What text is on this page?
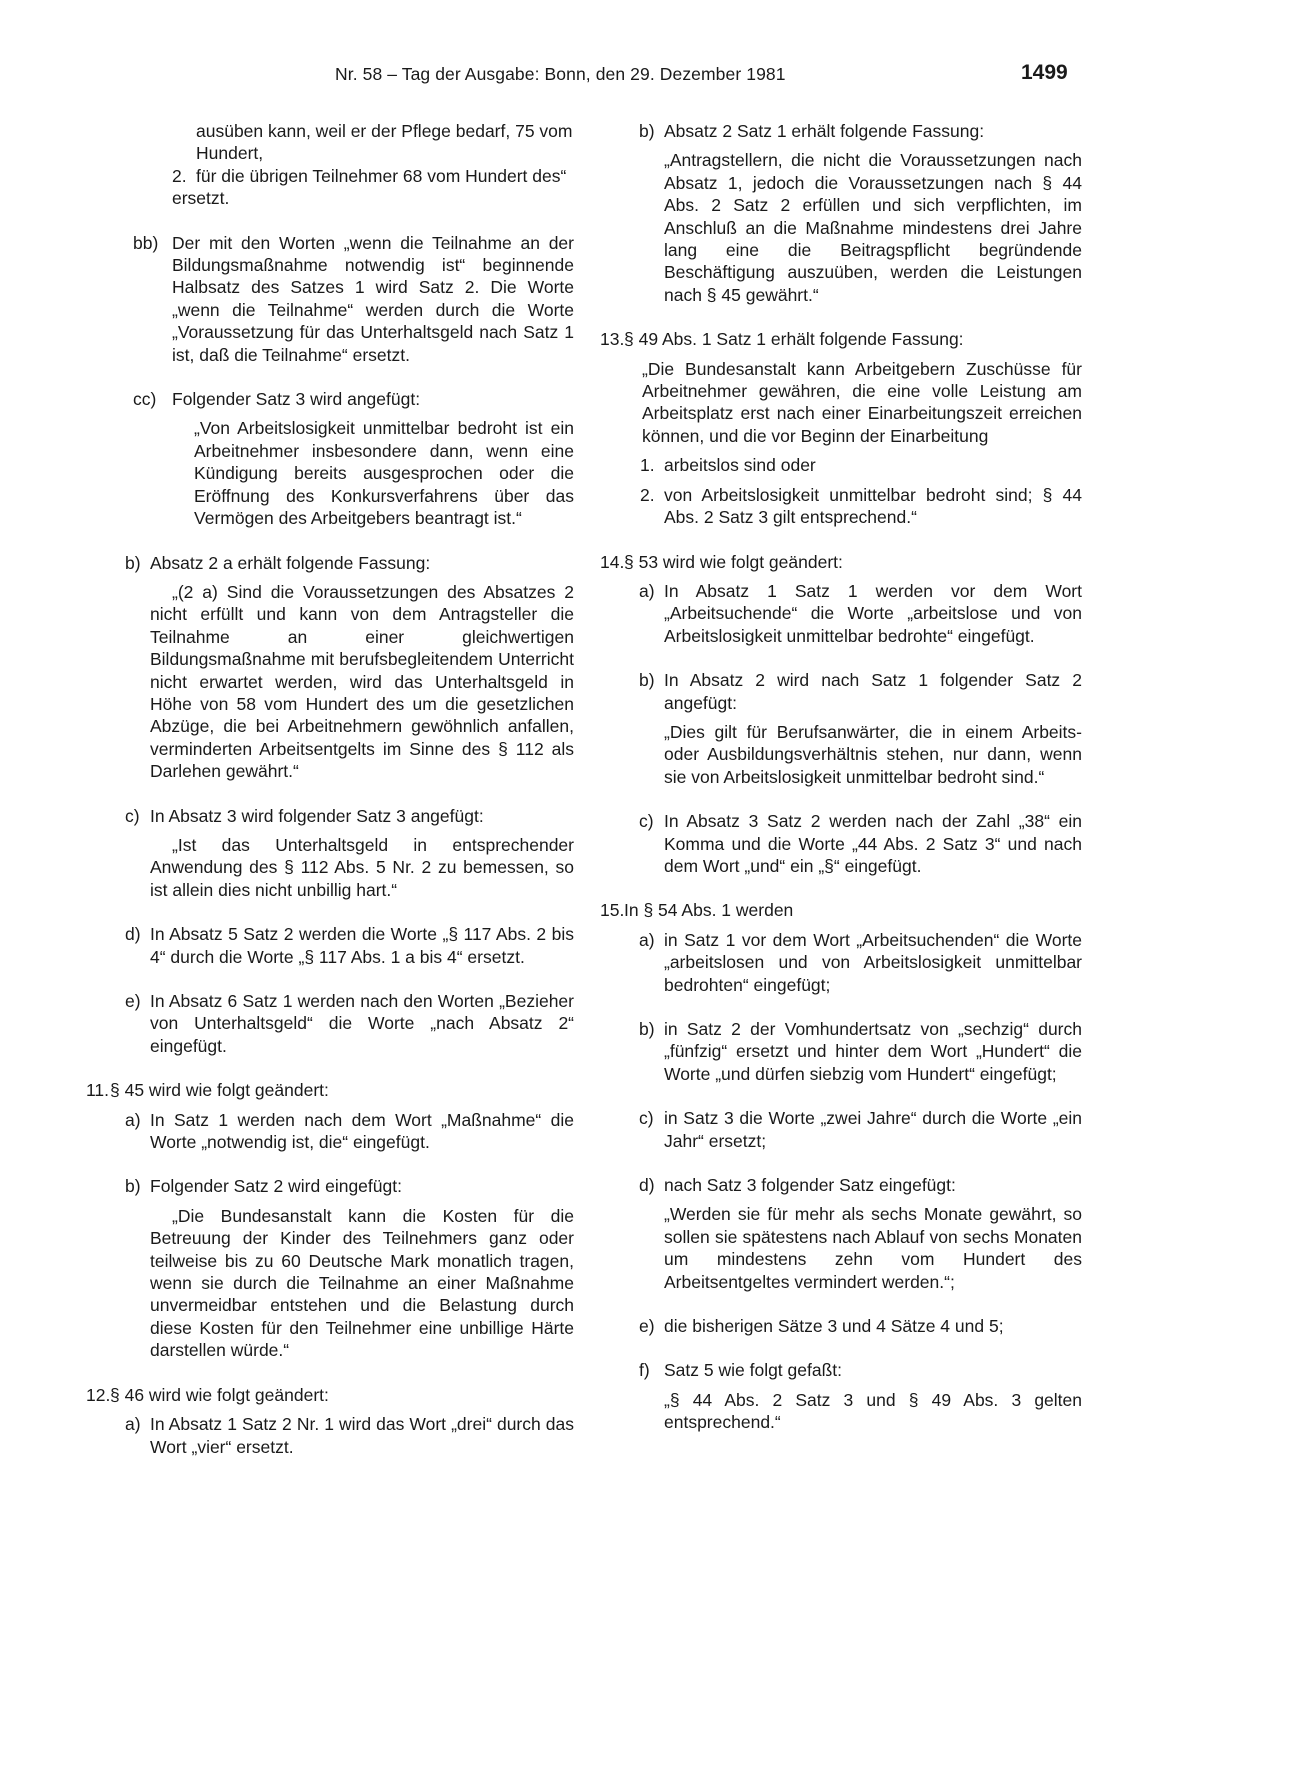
Nr. 58 – Tag der Ausgabe: Bonn, den 29. Dezember 1981	1499
ausüben kann, weil er der Pflege bedarf, 75 vom Hundert,
2. für die übrigen Teilnehmer 68 vom Hundert des“
ersetzt.
bb) Der mit den Worten „wenn die Teilnahme an der Bildungsmaßnahme notwendig ist“ beginnende Halbsatz des Satzes 1 wird Satz 2. Die Worte „wenn die Teilnahme“ werden durch die Worte „Voraussetzung für das Unterhaltsgeld nach Satz 1 ist, daß die Teilnahme“ ersetzt.
cc) Folgender Satz 3 wird angefügt:
„Von Arbeitslosigkeit unmittelbar bedroht ist ein Arbeitnehmer insbesondere dann, wenn eine Kündigung bereits ausgesprochen oder die Eröffnung des Konkursverfahrens über das Vermögen des Arbeitgebers beantragt ist.“
b) Absatz 2 a erhält folgende Fassung:
„(2 a) Sind die Voraussetzungen des Absatzes 2 nicht erfüllt und kann von dem Antragsteller die Teilnahme an einer gleichwertigen Bildungsmaßnahme mit berufsbegleitendem Unterricht nicht erwartet werden, wird das Unterhaltsgeld in Höhe von 58 vom Hundert des um die gesetzlichen Abzüge, die bei Arbeitnehmern gewöhnlich anfallen, verminderten Arbeitsentgelts im Sinne des § 112 als Darlehen gewährt.“
c) In Absatz 3 wird folgender Satz 3 angefügt:
„Ist das Unterhaltsgeld in entsprechender Anwendung des § 112 Abs. 5 Nr. 2 zu bemessen, so ist allein dies nicht unbillig hart.“
d) In Absatz 5 Satz 2 werden die Worte „§ 117 Abs. 2 bis 4“ durch die Worte „§ 117 Abs. 1 a bis 4“ ersetzt.
e) In Absatz 6 Satz 1 werden nach den Worten „Bezieher von Unterhaltsgeld“ die Worte „nach Absatz 2“ eingefügt.
11. § 45 wird wie folgt geändert:
a) In Satz 1 werden nach dem Wort „Maßnahme“ die Worte „notwendig ist, die“ eingefügt.
b) Folgender Satz 2 wird eingefügt:
„Die Bundesanstalt kann die Kosten für die Betreuung der Kinder des Teilnehmers ganz oder teilweise bis zu 60 Deutsche Mark monatlich tragen, wenn sie durch die Teilnahme an einer Maßnahme unvermeidbar entstehen und die Belastung durch diese Kosten für den Teilnehmer eine unbillige Härte darstellen würde.“
12. § 46 wird wie folgt geändert:
a) In Absatz 1 Satz 2 Nr. 1 wird das Wort „drei“ durch das Wort „vier“ ersetzt.
b) Absatz 2 Satz 1 erhält folgende Fassung:
„Antragstellern, die nicht die Voraussetzungen nach Absatz 1, jedoch die Voraussetzungen nach § 44 Abs. 2 Satz 2 erfüllen und sich verpflichten, im Anschluß an die Maßnahme mindestens drei Jahre lang eine die Beitragspflicht begründende Beschäftigung auszuüben, werden die Leistungen nach § 45 gewährt.“
13. § 49 Abs. 1 Satz 1 erhält folgende Fassung:
„Die Bundesanstalt kann Arbeitgebern Zuschüsse für Arbeitnehmer gewähren, die eine volle Leistung am Arbeitsplatz erst nach einer Einarbeitungszeit erreichen können, und die vor Beginn der Einarbeitung
1. arbeitslos sind oder
2. von Arbeitslosigkeit unmittelbar bedroht sind; § 44 Abs. 2 Satz 3 gilt entsprechend.“
14. § 53 wird wie folgt geändert:
a) In Absatz 1 Satz 1 werden vor dem Wort „Arbeitsuchende“ die Worte „arbeitslose und von Arbeitslosigkeit unmittelbar bedrohte“ eingefügt.
b) In Absatz 2 wird nach Satz 1 folgender Satz 2 angefügt:
„Dies gilt für Berufsanwärter, die in einem Arbeits- oder Ausbildungsverhältnis stehen, nur dann, wenn sie von Arbeitslosigkeit unmittelbar bedroht sind.“
c) In Absatz 3 Satz 2 werden nach der Zahl „38“ ein Komma und die Worte „44 Abs. 2 Satz 3“ und nach dem Wort „und“ ein „§“ eingefügt.
15. In § 54 Abs. 1 werden
a) in Satz 1 vor dem Wort „Arbeitsuchenden“ die Worte „arbeitslosen und von Arbeitslosigkeit unmittelbar bedrohten“ eingefügt;
b) in Satz 2 der Vomhundertsatz von „sechzig“ durch „fünfzig“ ersetzt und hinter dem Wort „Hundert“ die Worte „und dürfen siebzig vom Hundert“ eingefügt;
c) in Satz 3 die Worte „zwei Jahre“ durch die Worte „ein Jahr“ ersetzt;
d) nach Satz 3 folgender Satz eingefügt:
„Werden sie für mehr als sechs Monate gewährt, so sollen sie spätestens nach Ablauf von sechs Monaten um mindestens zehn vom Hundert des Arbeitsentgeltes vermindert werden.“;
e) die bisherigen Sätze 3 und 4 Sätze 4 und 5;
f) Satz 5 wie folgt gefaßt:
„§ 44 Abs. 2 Satz 3 und § 49 Abs. 3 gelten entsprechend.“
